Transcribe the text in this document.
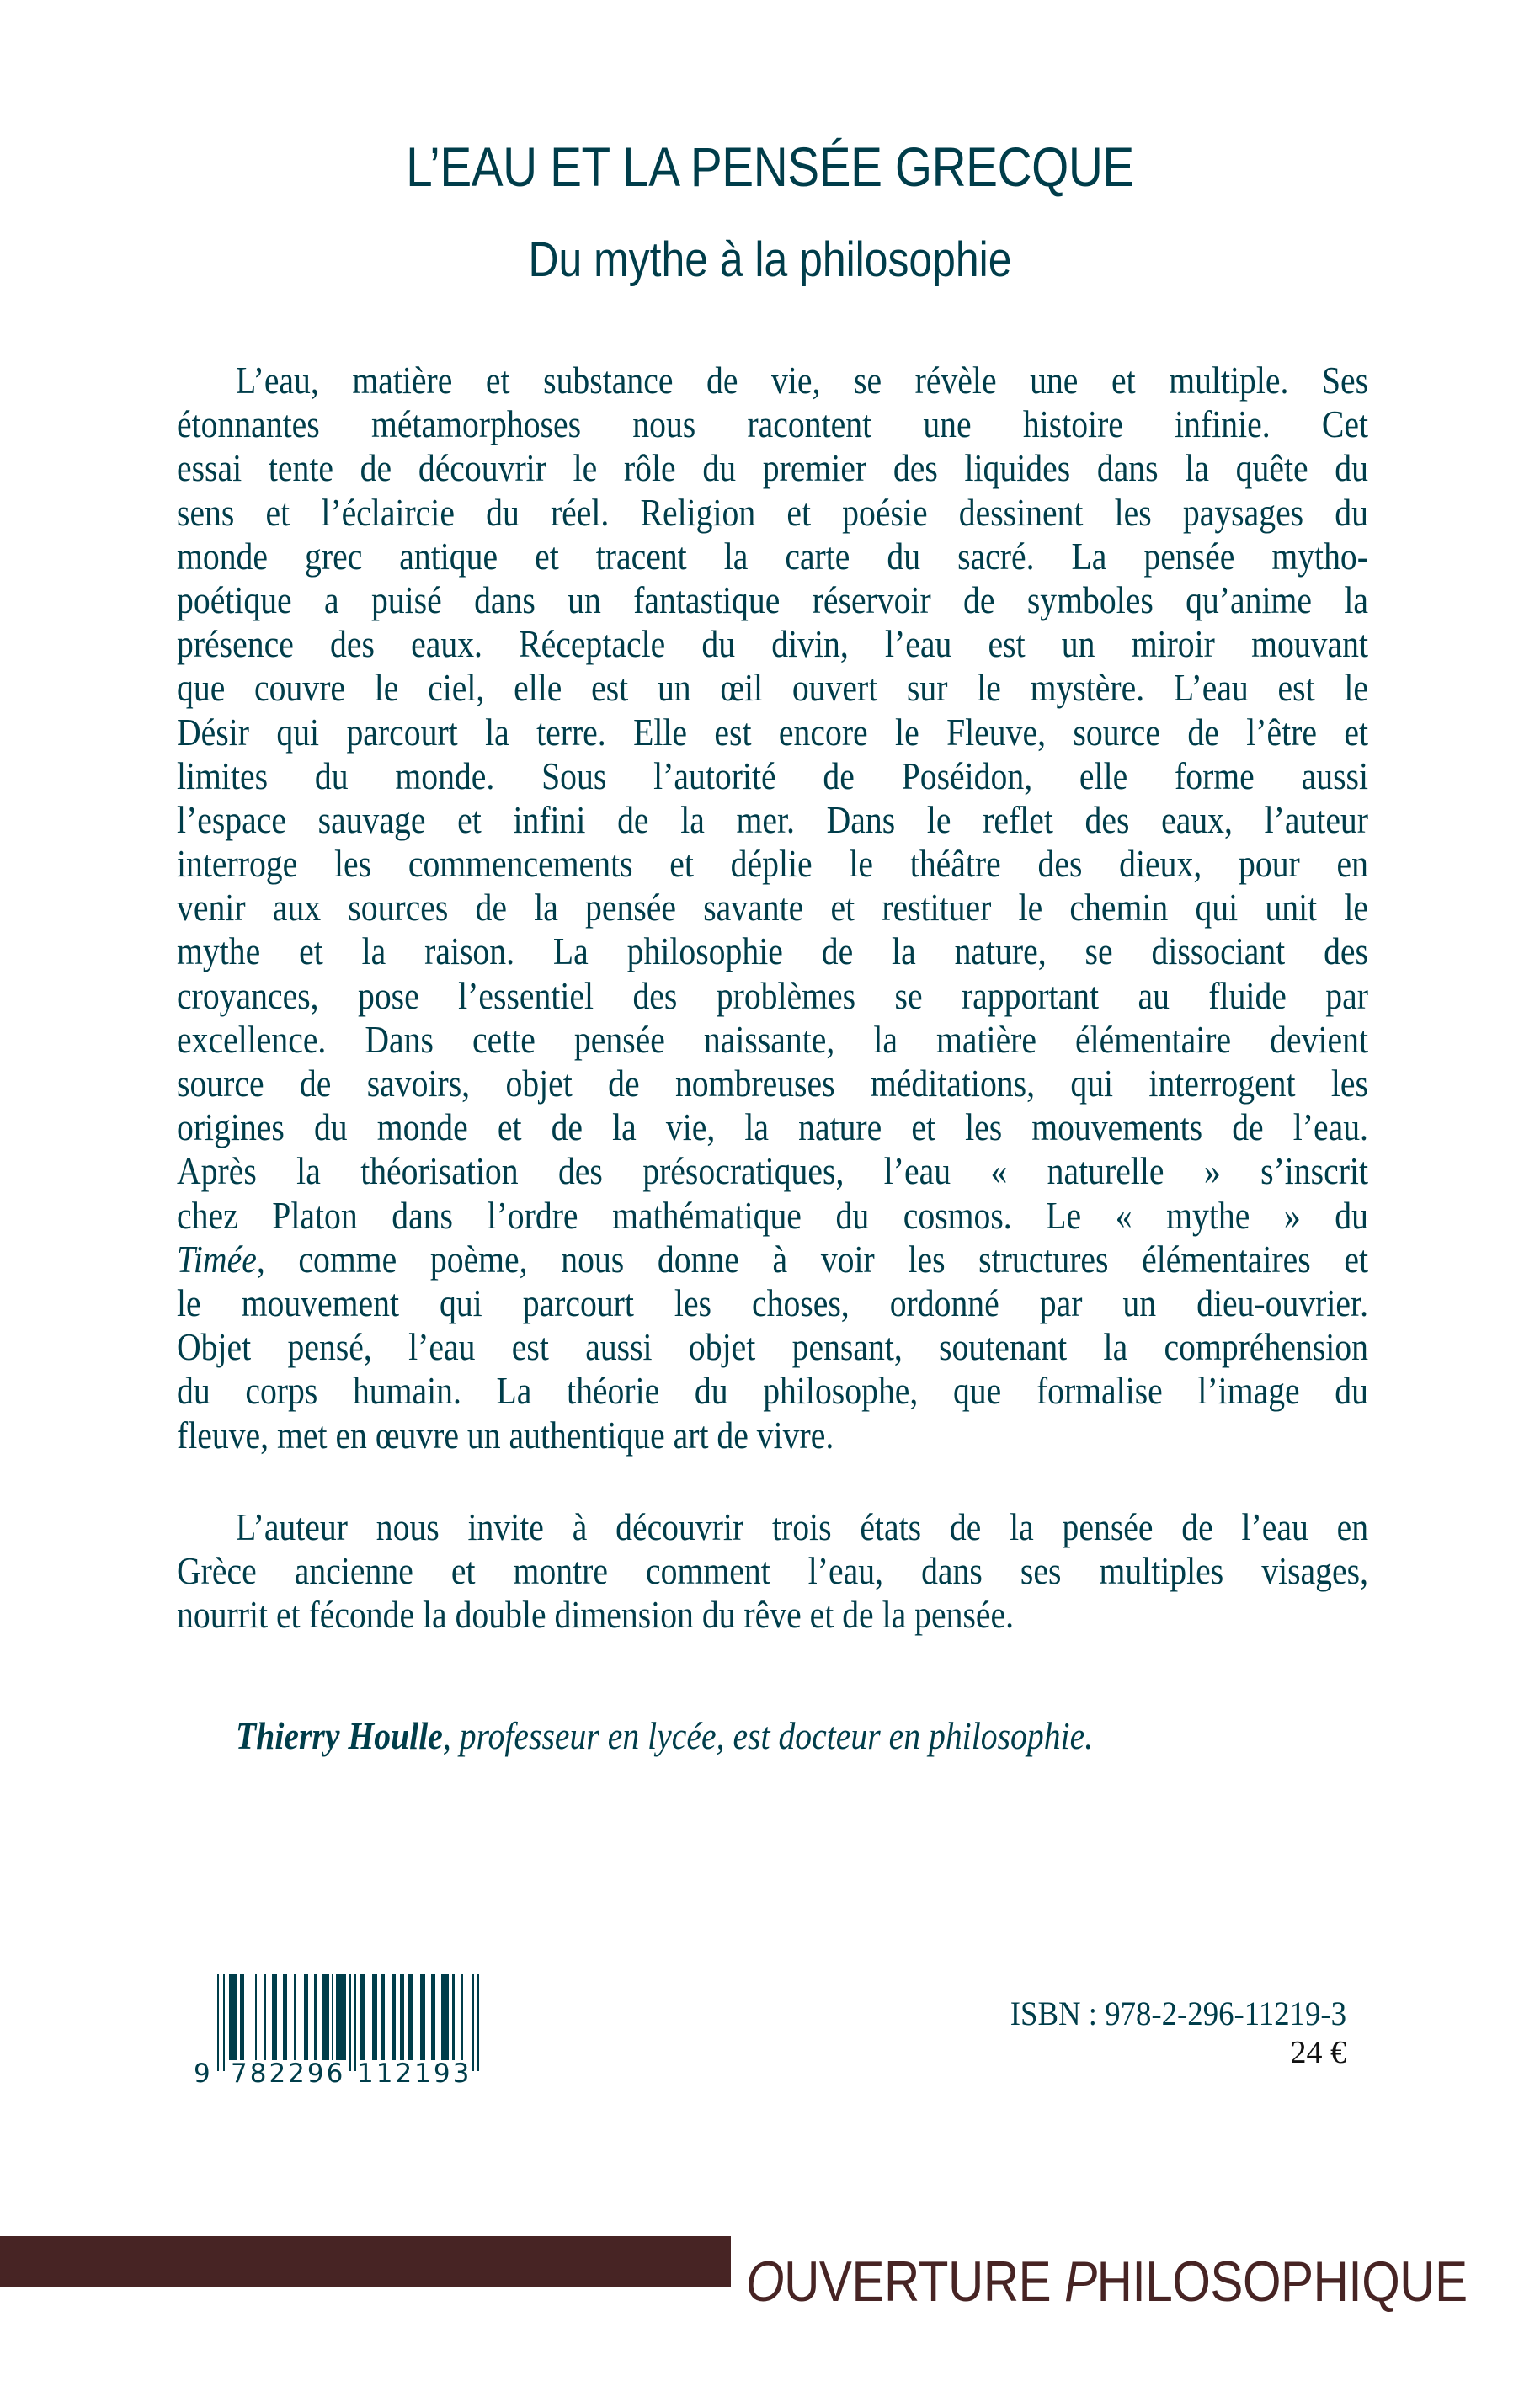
L’EAU ET LA PENSÉE GRECQUE
Du mythe à la philosophie
L’eau, matière et substance de vie, se révèle une et multiple. Ses
étonnantes métamorphoses nous racontent une histoire infinie. Cet
essai tente de découvrir le rôle du premier des liquides dans la quête du
sens et l’éclaircie du réel. Religion et poésie dessinent les paysages du
monde grec antique et tracent la carte du sacré. La pensée mytho-
poétique a puisé dans un fantastique réservoir de symboles qu’anime la
présence des eaux. Réceptacle du divin, l’eau est un miroir mouvant
que couvre le ciel, elle est un œil ouvert sur le mystère. L’eau est le
Désir qui parcourt la terre. Elle est encore le Fleuve, source de l’être et
limites du monde. Sous l’autorité de Poséidon, elle forme aussi
l’espace sauvage et infini de la mer. Dans le reflet des eaux, l’auteur
interroge les commencements et déplie le théâtre des dieux, pour en
venir aux sources de la pensée savante et restituer le chemin qui unit le
mythe et la raison. La philosophie de la nature, se dissociant des
croyances, pose l’essentiel des problèmes se rapportant au fluide par
excellence. Dans cette pensée naissante, la matière élémentaire devient
source de savoirs, objet de nombreuses méditations, qui interrogent les
origines du monde et de la vie, la nature et les mouvements de l’eau.
Après la théorisation des présocratiques, l’eau « naturelle » s’inscrit
chez Platon dans l’ordre mathématique du cosmos. Le « mythe » du
Timée, comme poème, nous donne à voir les structures élémentaires et
le mouvement qui parcourt les choses, ordonné par un dieu-ouvrier.
Objet pensé, l’eau est aussi objet pensant, soutenant la compréhension
du corps humain. La théorie du philosophe, que formalise l’image du
fleuve, met en œuvre un authentique art de vivre.
L’auteur nous invite à découvrir trois états de la pensée de l’eau en
Grèce ancienne et montre comment l’eau, dans ses multiples visages,
nourrit et féconde la double dimension du rêve et de la pensée.
Thierry Houlle, professeur en lycée, est docteur en philosophie.
9 782296 112193
ISBN : 978-2-296-11219-3
24 €
OUVERTURE PHILOSOPHIQUE
